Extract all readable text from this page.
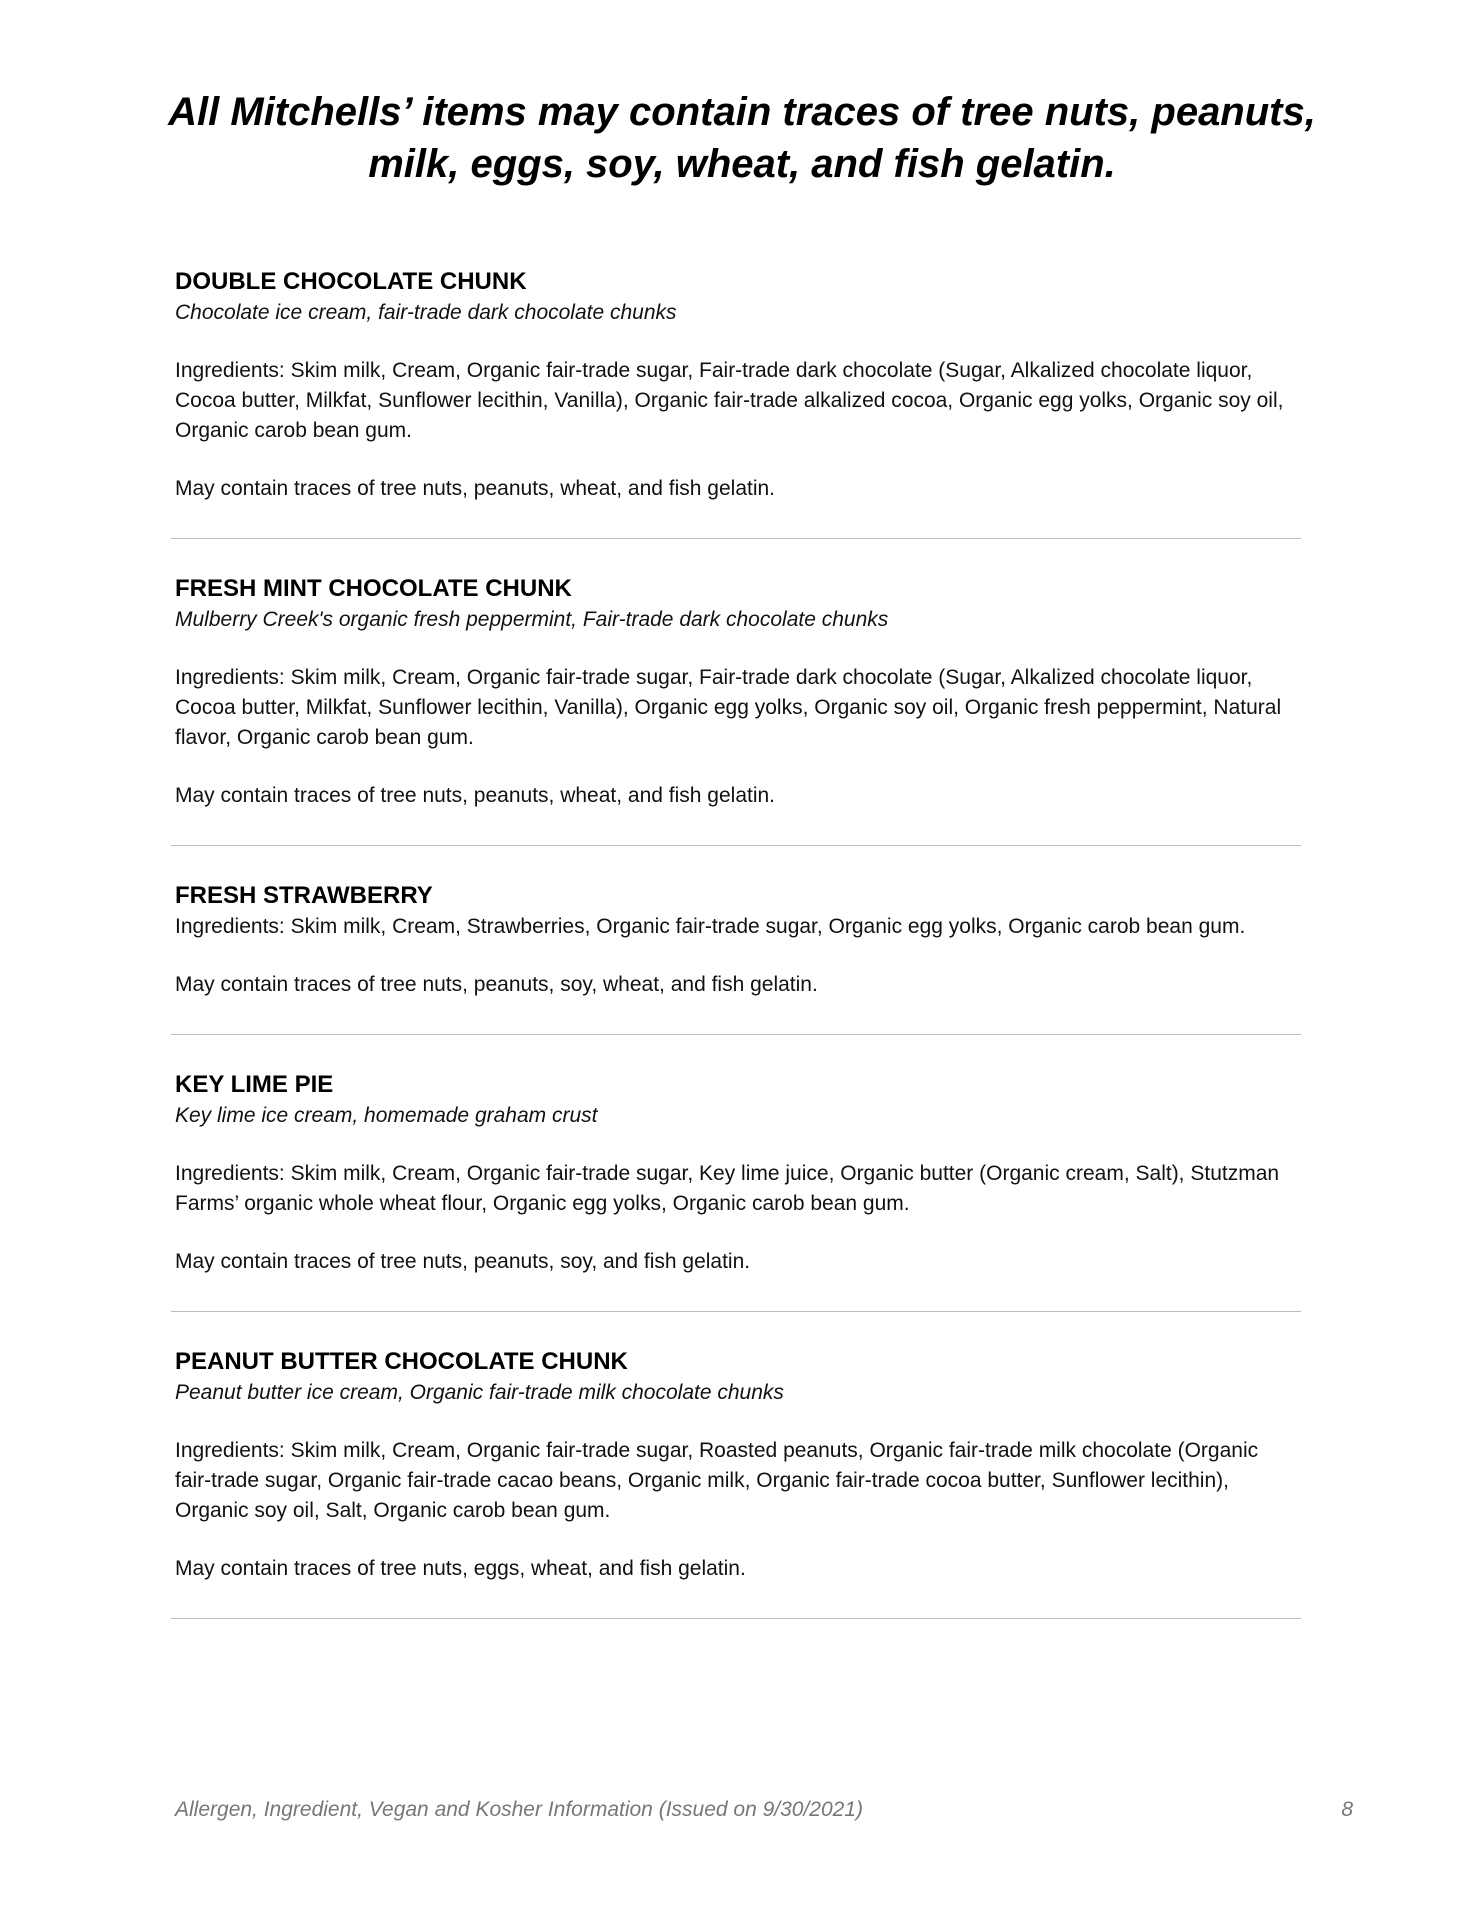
All Mitchells’ items may contain traces of tree nuts, peanuts,
milk, eggs, soy, wheat, and fish gelatin.
DOUBLE CHOCOLATE CHUNK

Chocolate ice cream, fair-trade dark chocolate chunks

Ingredients: Skim milk, Cream, Organic fair-trade sugar, Fair-trade dark chocolate (Sugar, Alkalized chocolate liquor, Cocoa butter, Milkfat, Sunflower lecithin, Vanilla), Organic fair-trade alkalized cocoa, Organic egg yolks, Organic soy oil, Organic carob bean gum.

May contain traces of tree nuts, peanuts, wheat, and fish gelatin.

FRESH MINT CHOCOLATE CHUNK

Mulberry Creek's organic fresh peppermint, Fair-trade dark chocolate chunks

Ingredients: Skim milk, Cream, Organic fair-trade sugar, Fair-trade dark chocolate (Sugar, Alkalized chocolate liquor, Cocoa butter, Milkfat, Sunflower lecithin, Vanilla), Organic egg yolks, Organic soy oil, Organic fresh peppermint, Natural flavor, Organic carob bean gum.

May contain traces of tree nuts, peanuts, wheat, and fish gelatin.

FRESH STRAWBERRY

Ingredients: Skim milk, Cream, Strawberries, Organic fair-trade sugar, Organic egg yolks, Organic carob bean gum.

May contain traces of tree nuts, peanuts, soy, wheat, and fish gelatin.

KEY LIME PIE

Key lime ice cream, homemade graham crust

Ingredients: Skim milk, Cream, Organic fair-trade sugar, Key lime juice, Organic butter (Organic cream, Salt), Stutzman Farms’ organic whole wheat flour, Organic egg yolks, Organic carob bean gum.

May contain traces of tree nuts, peanuts, soy, and fish gelatin.

PEANUT BUTTER CHOCOLATE CHUNK

Peanut butter ice cream, Organic fair-trade milk chocolate chunks

Ingredients: Skim milk, Cream, Organic fair-trade sugar, Roasted peanuts, Organic fair-trade milk chocolate (Organic fair-trade sugar, Organic fair-trade cacao beans, Organic milk, Organic fair-trade cocoa butter, Sunflower lecithin), Organic soy oil, Salt, Organic carob bean gum.

May contain traces of tree nuts, eggs, wheat, and fish gelatin.

Allergen, Ingredient, Vegan and Kosher Information (Issued on 9/30/2021)	8
